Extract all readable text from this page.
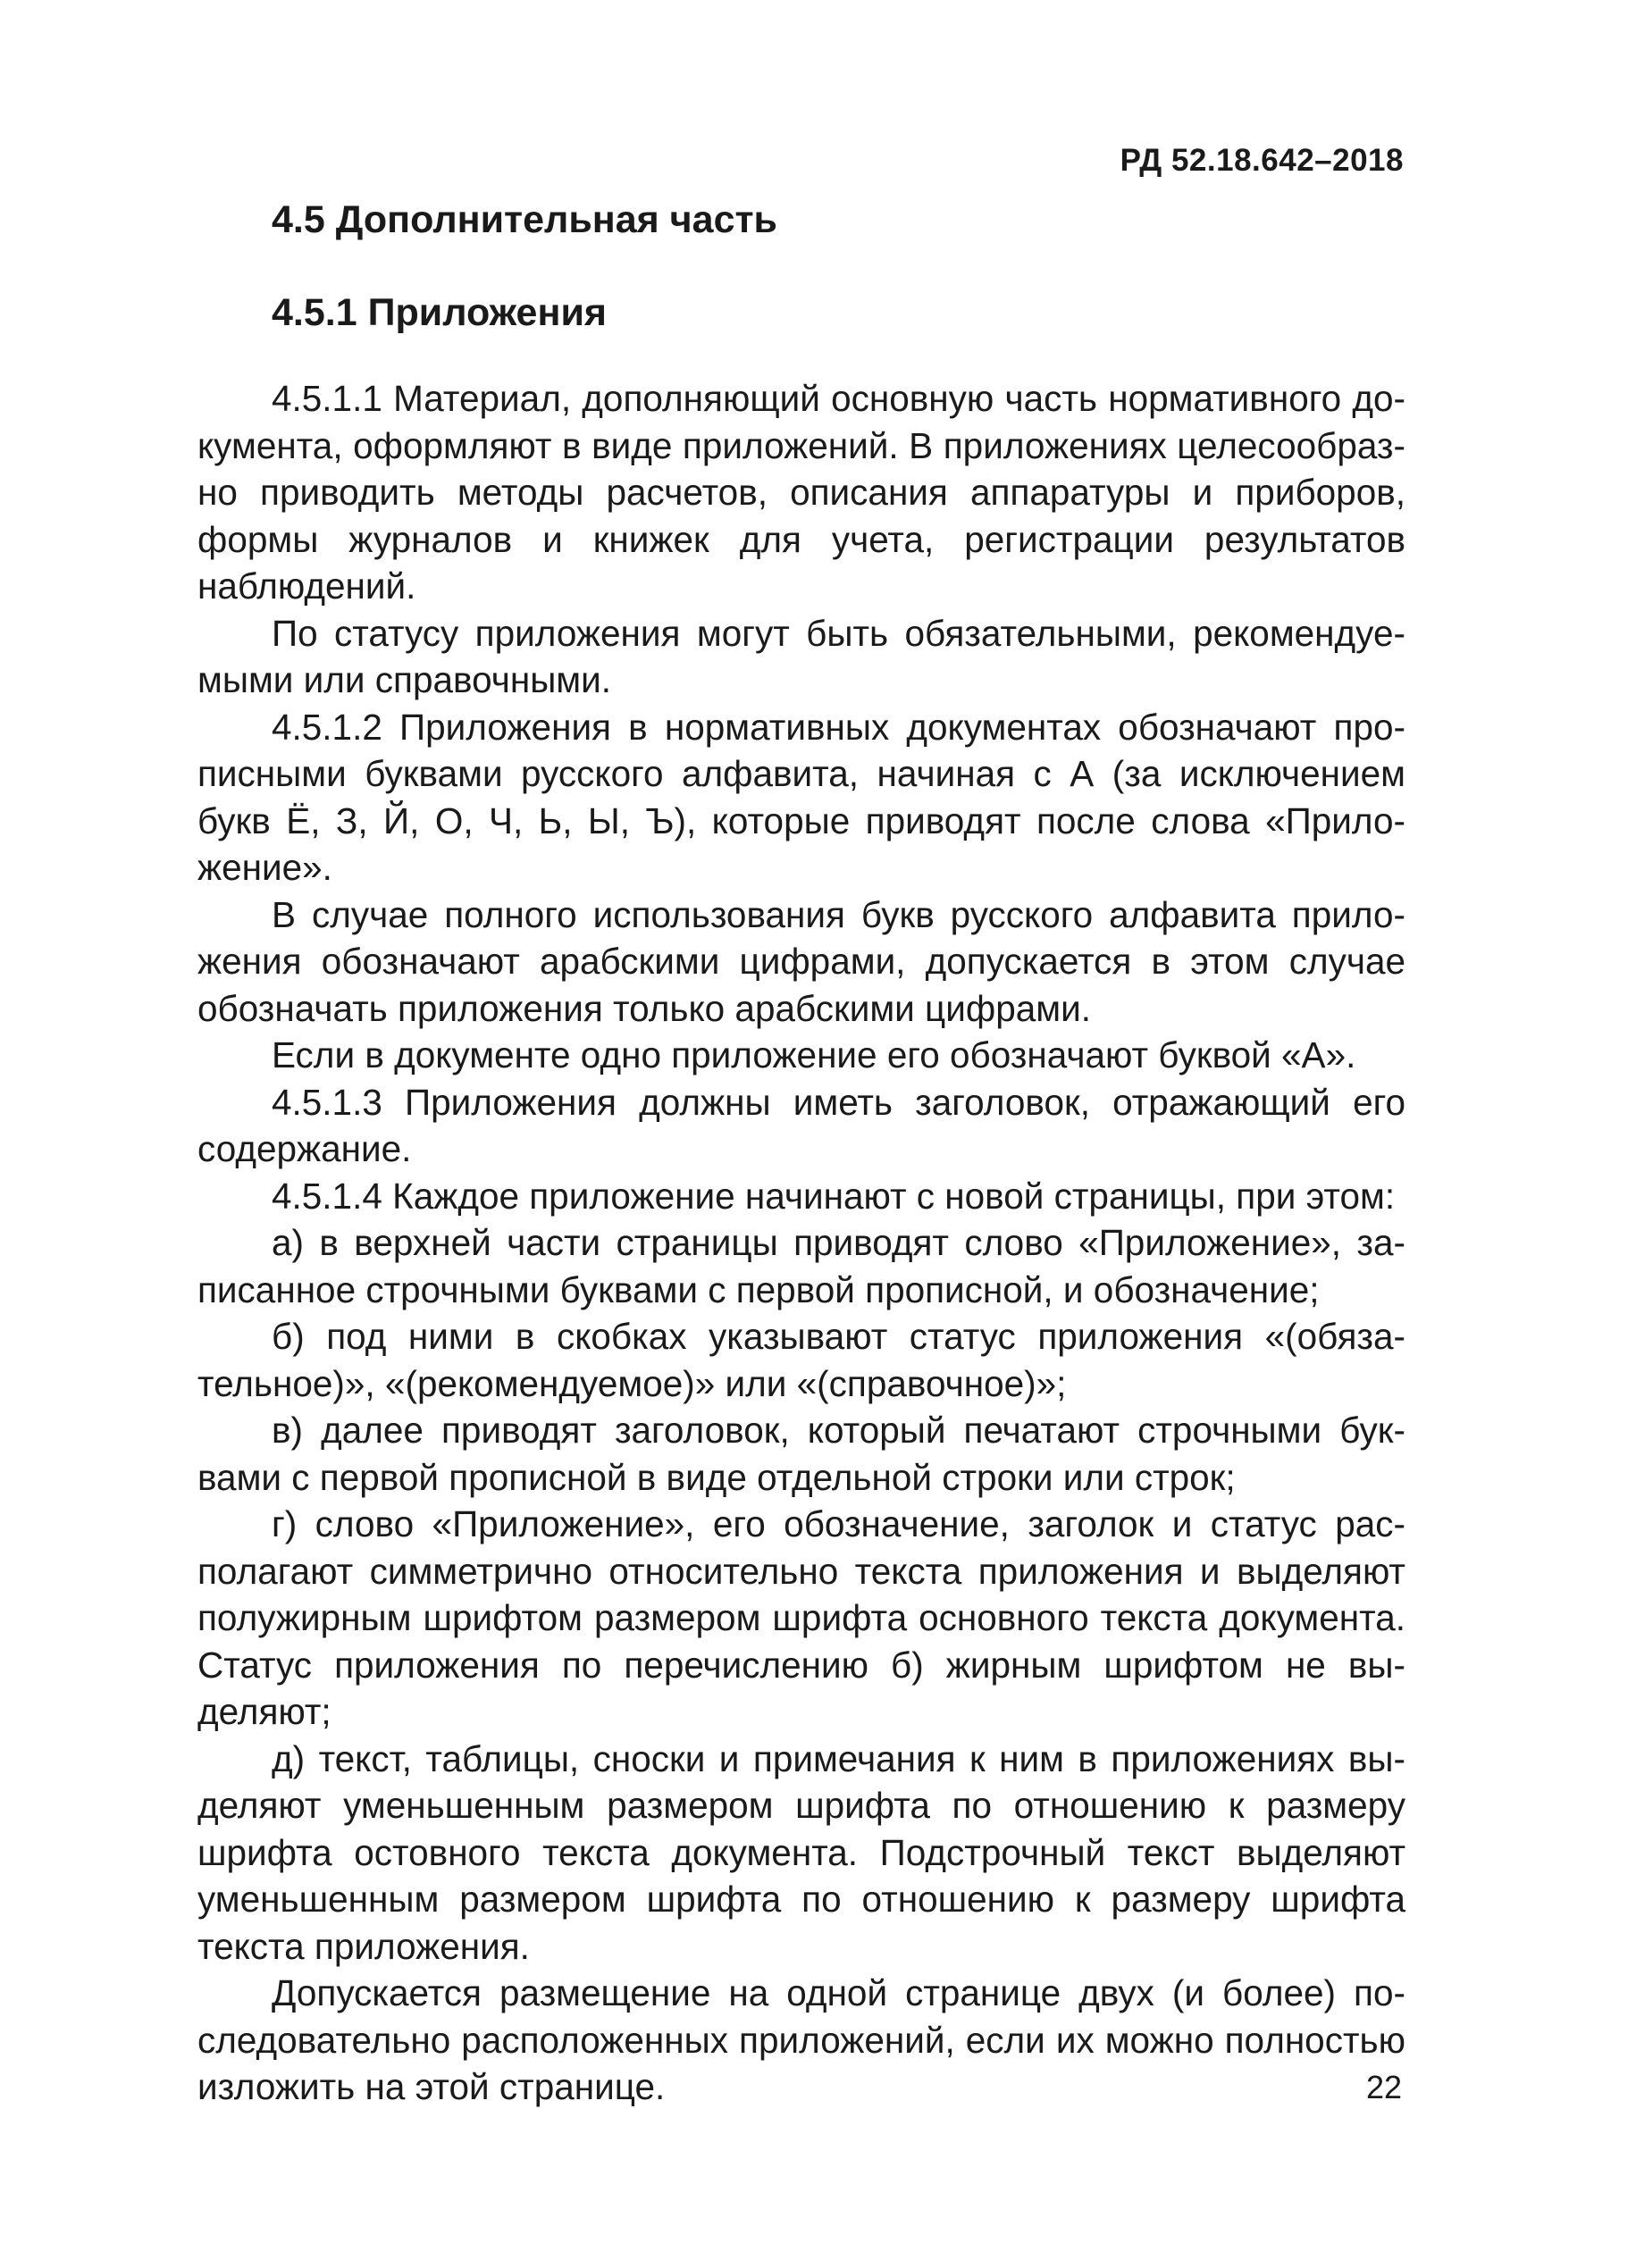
РД 52.18.642–2018
4.5 Дополнительная часть
4.5.1 Приложения

4.5.1.1 Материал, дополняющий основную часть нормативного документа, оформляют в виде приложений. В приложениях целесообразно приводить методы расчетов, описания аппаратуры и приборов, формы журналов и книжек для учета, регистрации результатов наблюдений.

По статусу приложения могут быть обязательными, рекомендуемыми или справочными.

4.5.1.2 Приложения в нормативных документах обозначают прописными буквами русского алфавита, начиная с А (за исключением букв Ё, З, Й, О, Ч, Ь, Ы, Ъ), которые приводят после слова «Приложение».

В случае полного использования букв русского алфавита приложения обозначают арабскими цифрами, допускается в этом случае обозначать приложения только арабскими цифрами.

Если в документе одно приложение его обозначают буквой «А».

4.5.1.3 Приложения должны иметь заголовок, отражающий его содержание.

4.5.1.4 Каждое приложение начинают с новой страницы, при этом:

а) в верхней части страницы приводят слово «Приложение», записанное строчными буквами с первой прописной, и обозначение;

б) под ними в скобках указывают статус приложения «(обязательное)», «(рекомендуемое)» или «(справочное)»;

в) далее приводят заголовок, который печатают строчными буквами с первой прописной в виде отдельной строки или строк;

г) слово «Приложение», его обозначение, заголок и статус располагают симметрично относительно текста приложения и выделяют полужирным шрифтом размером шрифта основного текста документа. Статус приложения по перечислению б) жирным шрифтом не выделяют;

д) текст, таблицы, сноски и примечания к ним в приложениях выделяют уменьшенным размером шрифта по отношению к размеру шрифта остовного текста документа. Подстрочный текст выделяют уменьшенным размером шрифта по отношению к размеру шрифта текста приложения.

Допускается размещение на одной странице двух (и более) последовательно расположенных приложений, если их можно полностью изложить на этой странице.	22
